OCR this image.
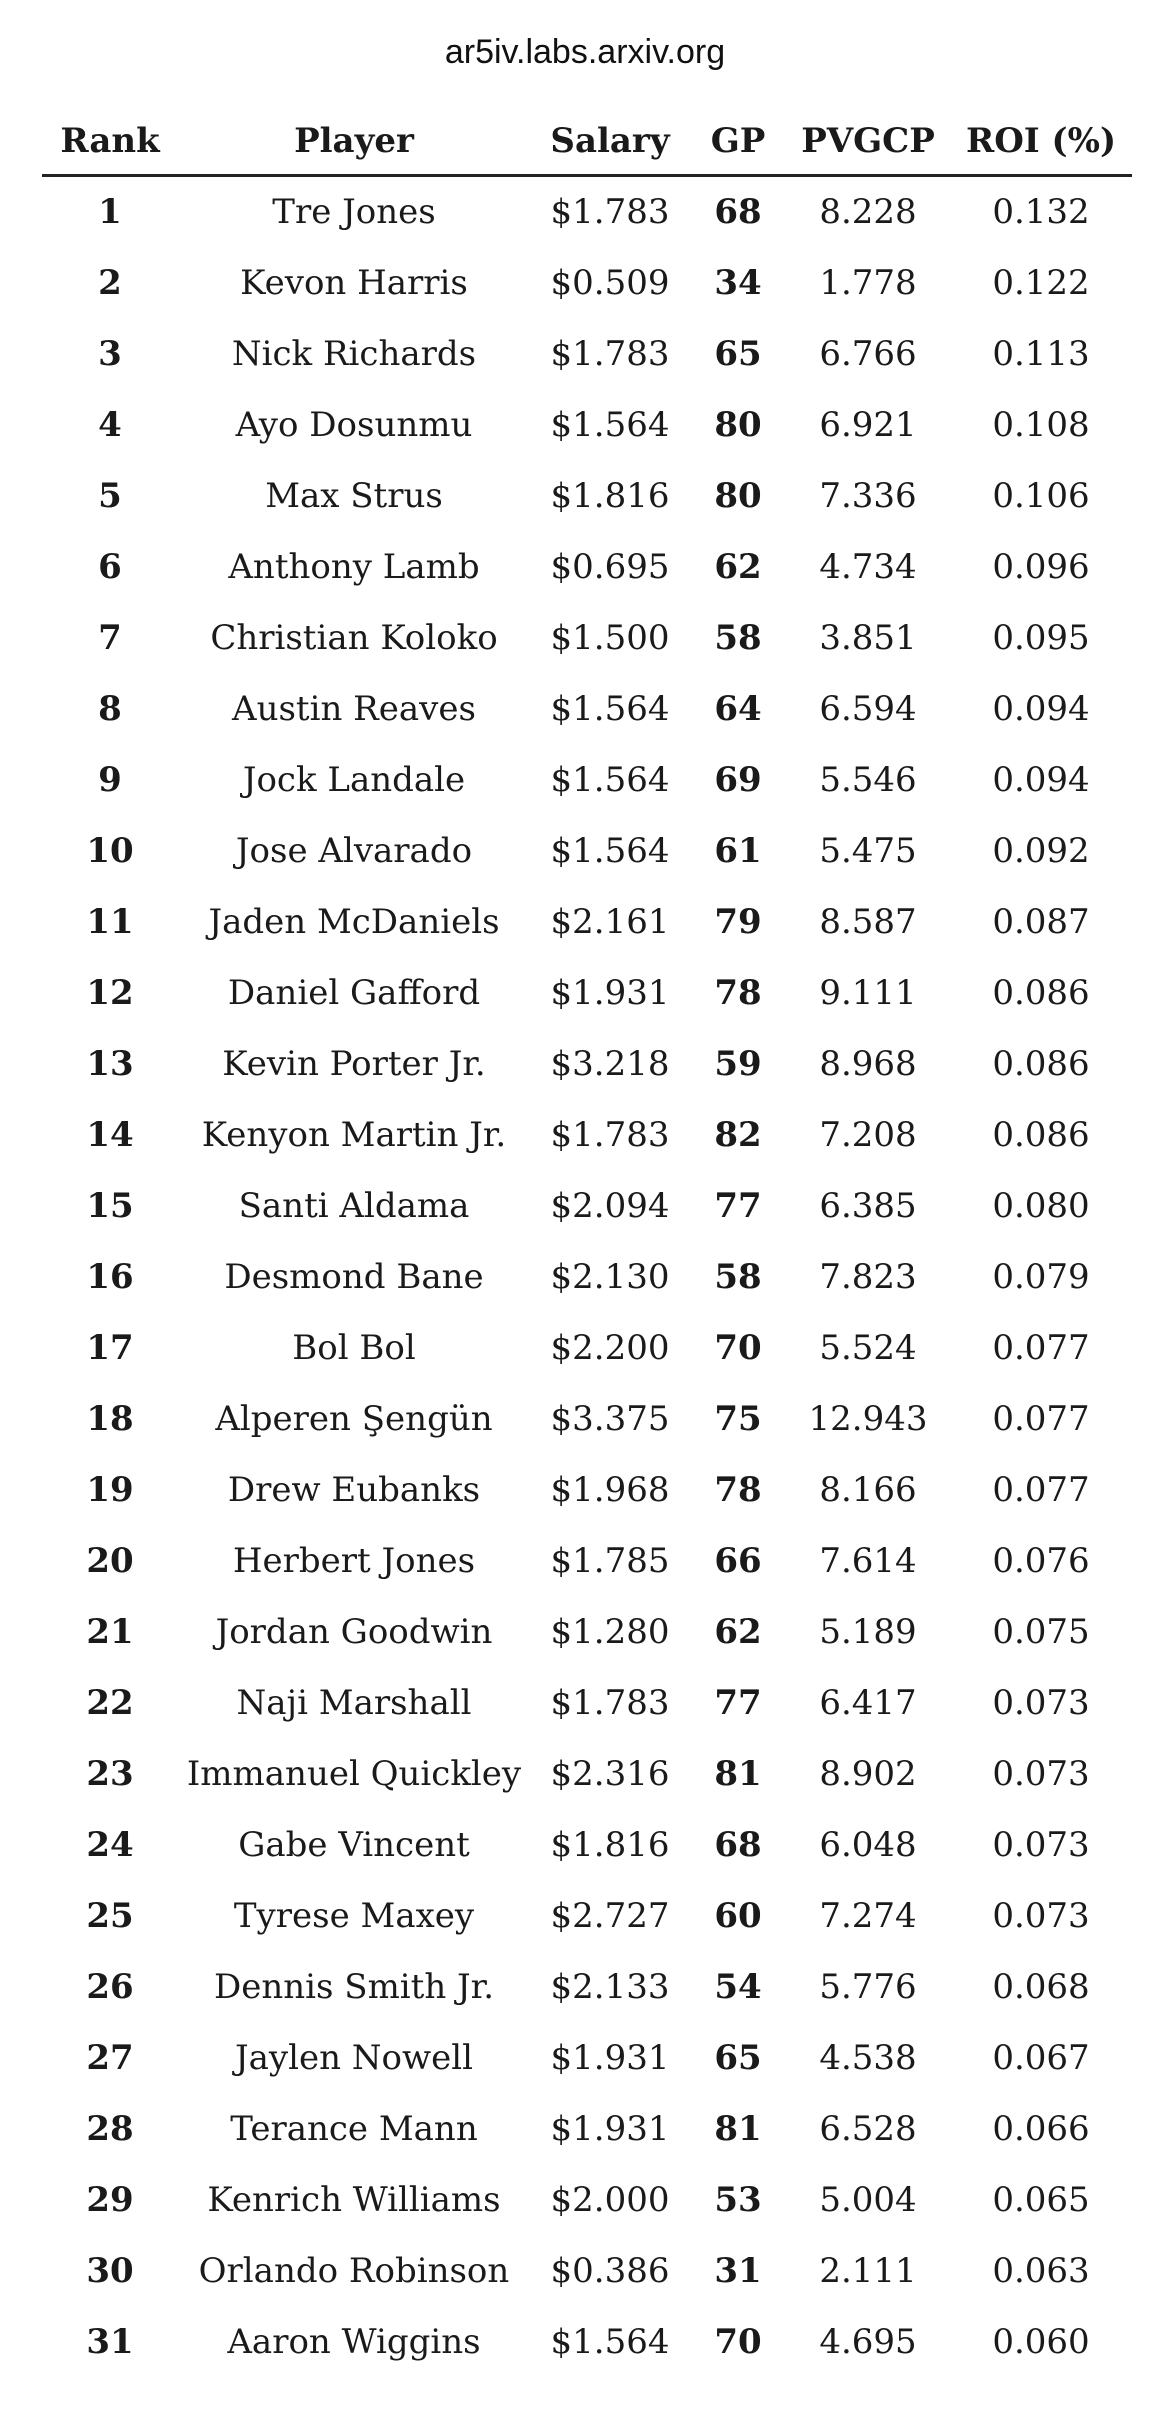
ar5iv.labs.arxiv.org
Rank	Player	Salary	GP	PVGCP	ROI (%)
1	Tre Jones	$1.783	68	8.228	0.132
2	Kevon Harris	$0.509	34	1.778	0.122
3	Nick Richards	$1.783	65	6.766	0.113
4	Ayo Dosunmu	$1.564	80	6.921	0.108
5	Max Strus	$1.816	80	7.336	0.106
6	Anthony Lamb	$0.695	62	4.734	0.096
7	Christian Koloko	$1.500	58	3.851	0.095
8	Austin Reaves	$1.564	64	6.594	0.094
9	Jock Landale	$1.564	69	5.546	0.094
10	Jose Alvarado	$1.564	61	5.475	0.092
11	Jaden McDaniels	$2.161	79	8.587	0.087
12	Daniel Gafford	$1.931	78	9.111	0.086
13	Kevin Porter Jr.	$3.218	59	8.968	0.086
14	Kenyon Martin Jr.	$1.783	82	7.208	0.086
15	Santi Aldama	$2.094	77	6.385	0.080
16	Desmond Bane	$2.130	58	7.823	0.079
17	Bol Bol	$2.200	70	5.524	0.077
18	Alperen Şengün	$3.375	75	12.943	0.077
19	Drew Eubanks	$1.968	78	8.166	0.077
20	Herbert Jones	$1.785	66	7.614	0.076
21	Jordan Goodwin	$1.280	62	5.189	0.075
22	Naji Marshall	$1.783	77	6.417	0.073
23	Immanuel Quickley	$2.316	81	8.902	0.073
24	Gabe Vincent	$1.816	68	6.048	0.073
25	Tyrese Maxey	$2.727	60	7.274	0.073
26	Dennis Smith Jr.	$2.133	54	5.776	0.068
27	Jaylen Nowell	$1.931	65	4.538	0.067
28	Terance Mann	$1.931	81	6.528	0.066
29	Kenrich Williams	$2.000	53	5.004	0.065
30	Orlando Robinson	$0.386	31	2.111	0.063
31	Aaron Wiggins	$1.564	70	4.695	0.060
